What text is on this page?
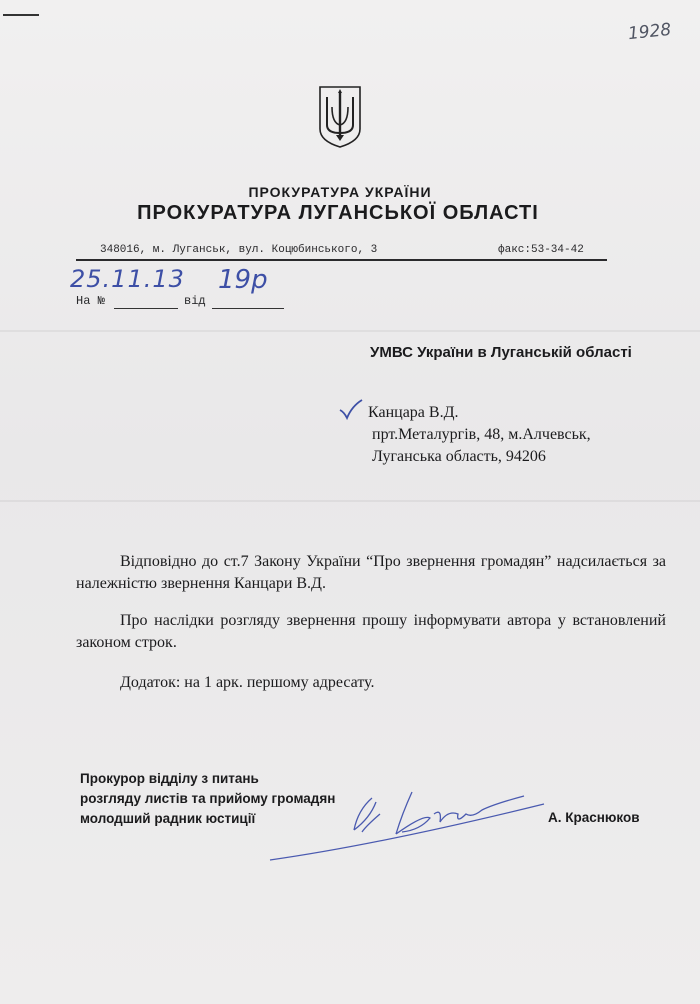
1928
ПРОКУРАТУРА УКРАЇНИ
ПРОКУРАТУРА ЛУГАНСЬКОЇ ОБЛАСТІ
348016, м. Луганськ, вул. Коцюбинського, 3	факс:53-34-42
25.11.13 19р
На №	від
УМВС України в Луганській області
Канцара В.Д.
прт.Металургів, 48, м.Алчевськ,
Луганська область, 94206
Відповідно до ст.7 Закону України “Про звернення громадян” надсилається за належністю звернення Канцари В.Д.
Про наслідки розгляду звернення прошу інформувати автора у встановлений законом строк.
Додаток: на 1 арк. першому адресату.
Прокурор відділу з питань
розгляду листів та прийому громадян
молодший радник юстиції	А. Краснюков
